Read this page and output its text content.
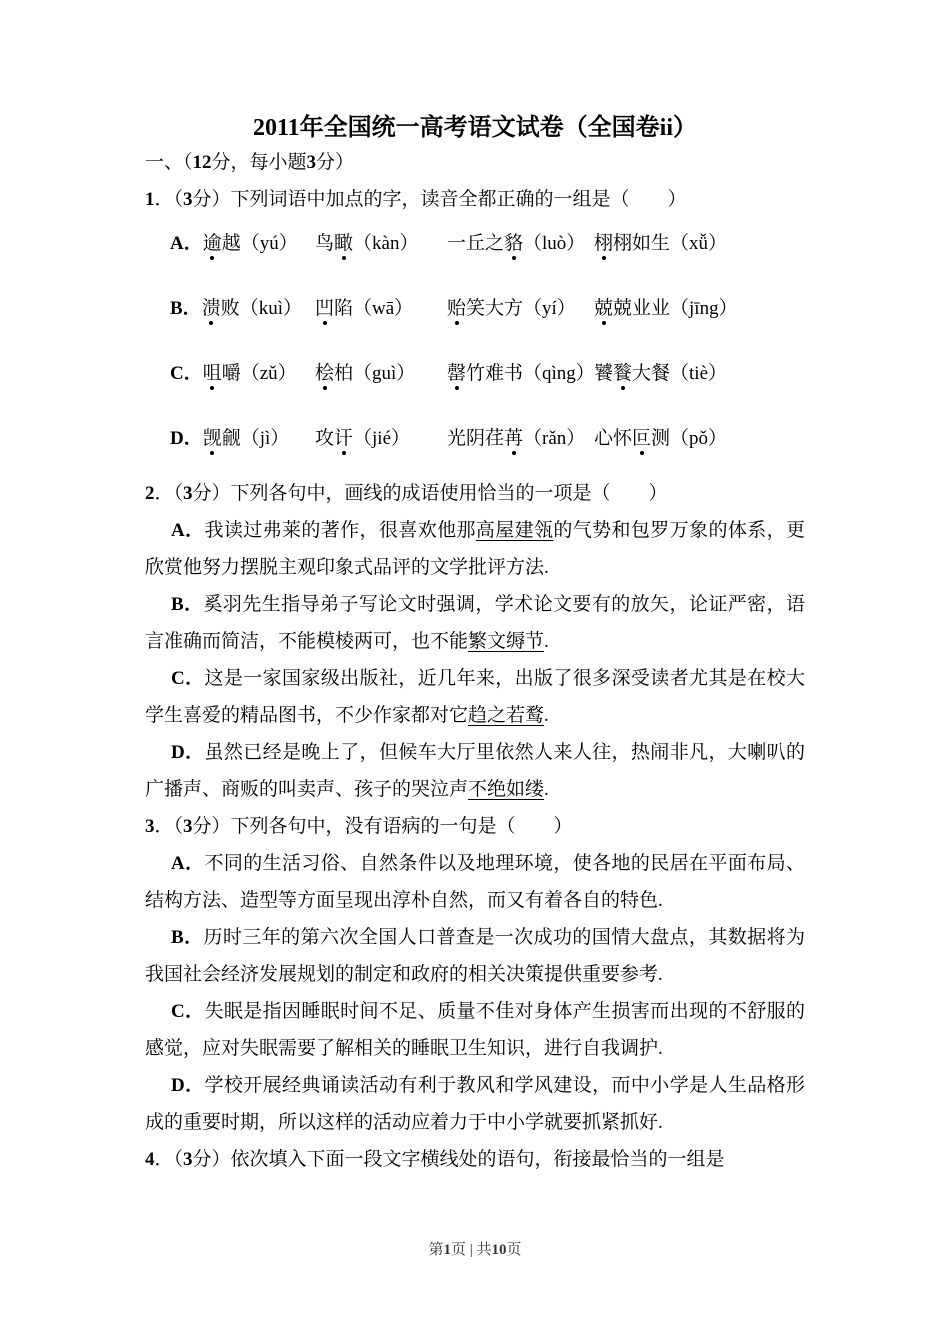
2011年全国统一高考语文试卷（全国卷ii）

一、（12分，每小题3分）

1．（3分）下列词语中加点的字，读音全都正确的一组是（　　）

A．逾越（yú） 鸟瞰（kàn）	一丘之貉（luò） 栩栩如生（xǚ）
B．溃败（kuì） 凹陷（wā）	贻笑大方（yí） 兢兢业业（jīng）
C．咀嚼（zǔ） 桧柏（guì）	罄竹难书（qìng） 饕餮大餐（tiè）
D．觊觎（jì）	攻讦（jié）	光阴荏苒（rǎn） 心怀叵测（pǒ）

2．（3分）下列各句中，画线的成语使用恰当的一项是（　　）

A．我读过弗莱的著作，很喜欢他那高屋建瓴的气势和包罗万象的体系，更欣赏他努力摆脱主观印象式品评的文学批评方法.

B．奚羽先生指导弟子写论文时强调，学术论文要有的放矢，论证严密，语言准确而简洁，不能模棱两可，也不能繁文缛节.

C．这是一家国家级出版社，近几年来，出版了很多深受读者尤其是在校大学生喜爱的精品图书，不少作家都对它趋之若鹜.

D．虽然已经是晚上了，但候车大厅里依然人来人往，热闹非凡，大喇叭的广播声、商贩的叫卖声、孩子的哭泣声不绝如缕.

3．（3分）下列各句中，没有语病的一句是（　　）

A．不同的生活习俗、自然条件以及地理环境，使各地的民居在平面布局、结构方法、造型等方面呈现出淳朴自然，而又有着各自的特色.

B．历时三年的第六次全国人口普查是一次成功的国情大盘点，其数据将为我国社会经济发展规划的制定和政府的相关决策提供重要参考.

C．失眠是指因睡眠时间不足、质量不佳对身体产生损害而出现的不舒服的感觉，应对失眠需要了解相关的睡眠卫生知识，进行自我调护.

D．学校开展经典诵读活动有利于教风和学风建设，而中小学是人生品格形成的重要时期，所以这样的活动应着力于中小学就要抓紧抓好.

4．（3分）依次填入下面一段文字横线处的语句，衔接最恰当的一组是

第1页 | 共10页
